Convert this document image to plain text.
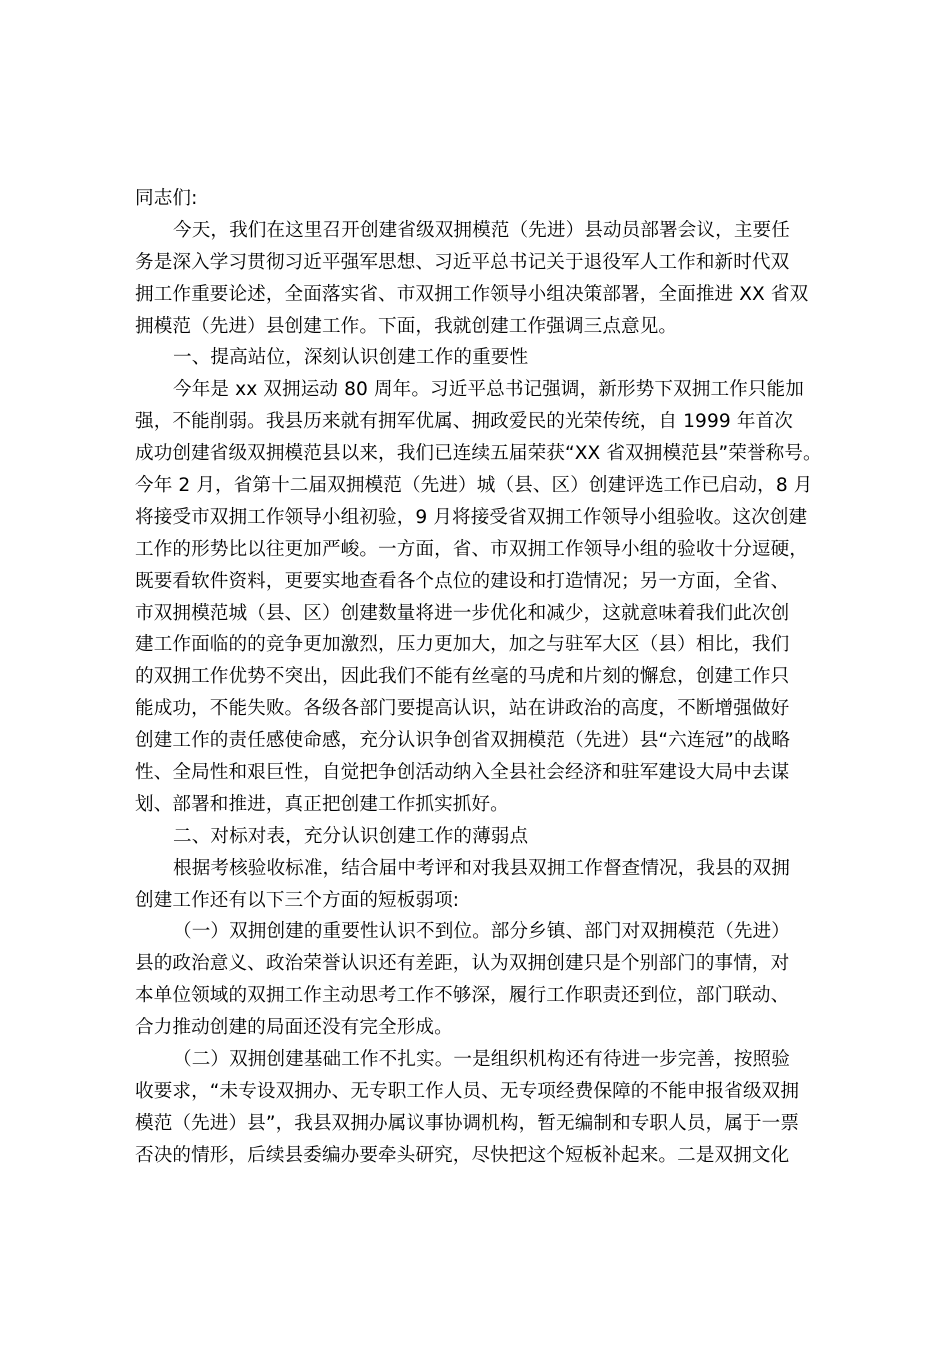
同志们:
今天，我们在这里召开创建省级双拥模范（先进）县动员部署会议，主要任
务是深入学习贯彻习近平强军思想、习近平总书记关于退役军人工作和新时代双
拥工作重要论述，全面落实省、市双拥工作领导小组决策部署，全面推进 XX 省双
拥模范（先进）县创建工作。下面，我就创建工作强调三点意见。
一、提高站位，深刻认识创建工作的重要性
今年是 xx 双拥运动 80 周年。习近平总书记强调，新形势下双拥工作只能加
强，不能削弱。我县历来就有拥军优属、拥政爱民的光荣传统，自 1999 年首次
成功创建省级双拥模范县以来，我们已连续五届荣获“XX 省双拥模范县”荣誉称号。
今年 2 月，省第十二届双拥模范（先进）城（县、区）创建评选工作已启动，8 月
将接受市双拥工作领导小组初验，9 月将接受省双拥工作领导小组验收。这次创建
工作的形势比以往更加严峻。一方面，省、市双拥工作领导小组的验收十分逗硬，
既要看软件资料，更要实地查看各个点位的建设和打造情况；另一方面，全省、
市双拥模范城（县、区）创建数量将进一步优化和减少，这就意味着我们此次创
建工作面临的的竞争更加激烈，压力更加大，加之与驻军大区（县）相比，我们
的双拥工作优势不突出，因此我们不能有丝毫的马虎和片刻的懈怠，创建工作只
能成功，不能失败。各级各部门要提高认识，站在讲政治的高度，不断增强做好
创建工作的责任感使命感，充分认识争创省双拥模范（先进）县“六连冠”的战略
性、全局性和艰巨性，自觉把争创活动纳入全县社会经济和驻军建设大局中去谋
划、部署和推进，真正把创建工作抓实抓好。
二、对标对表，充分认识创建工作的薄弱点
根据考核验收标准，结合届中考评和对我县双拥工作督查情况，我县的双拥
创建工作还有以下三个方面的短板弱项:
（一）双拥创建的重要性认识不到位。部分乡镇、部门对双拥模范（先进）
县的政治意义、政治荣誉认识还有差距，认为双拥创建只是个别部门的事情，对
本单位领域的双拥工作主动思考工作不够深，履行工作职责还到位，部门联动、
合力推动创建的局面还没有完全形成。
（二）双拥创建基础工作不扎实。一是组织机构还有待进一步完善，按照验
收要求，“未专设双拥办、无专职工作人员、无专项经费保障的不能申报省级双拥
模范（先进）县”，我县双拥办属议事协调机构，暂无编制和专职人员，属于一票
否决的情形，后续县委编办要牵头研究，尽快把这个短板补起来。二是双拥文化
